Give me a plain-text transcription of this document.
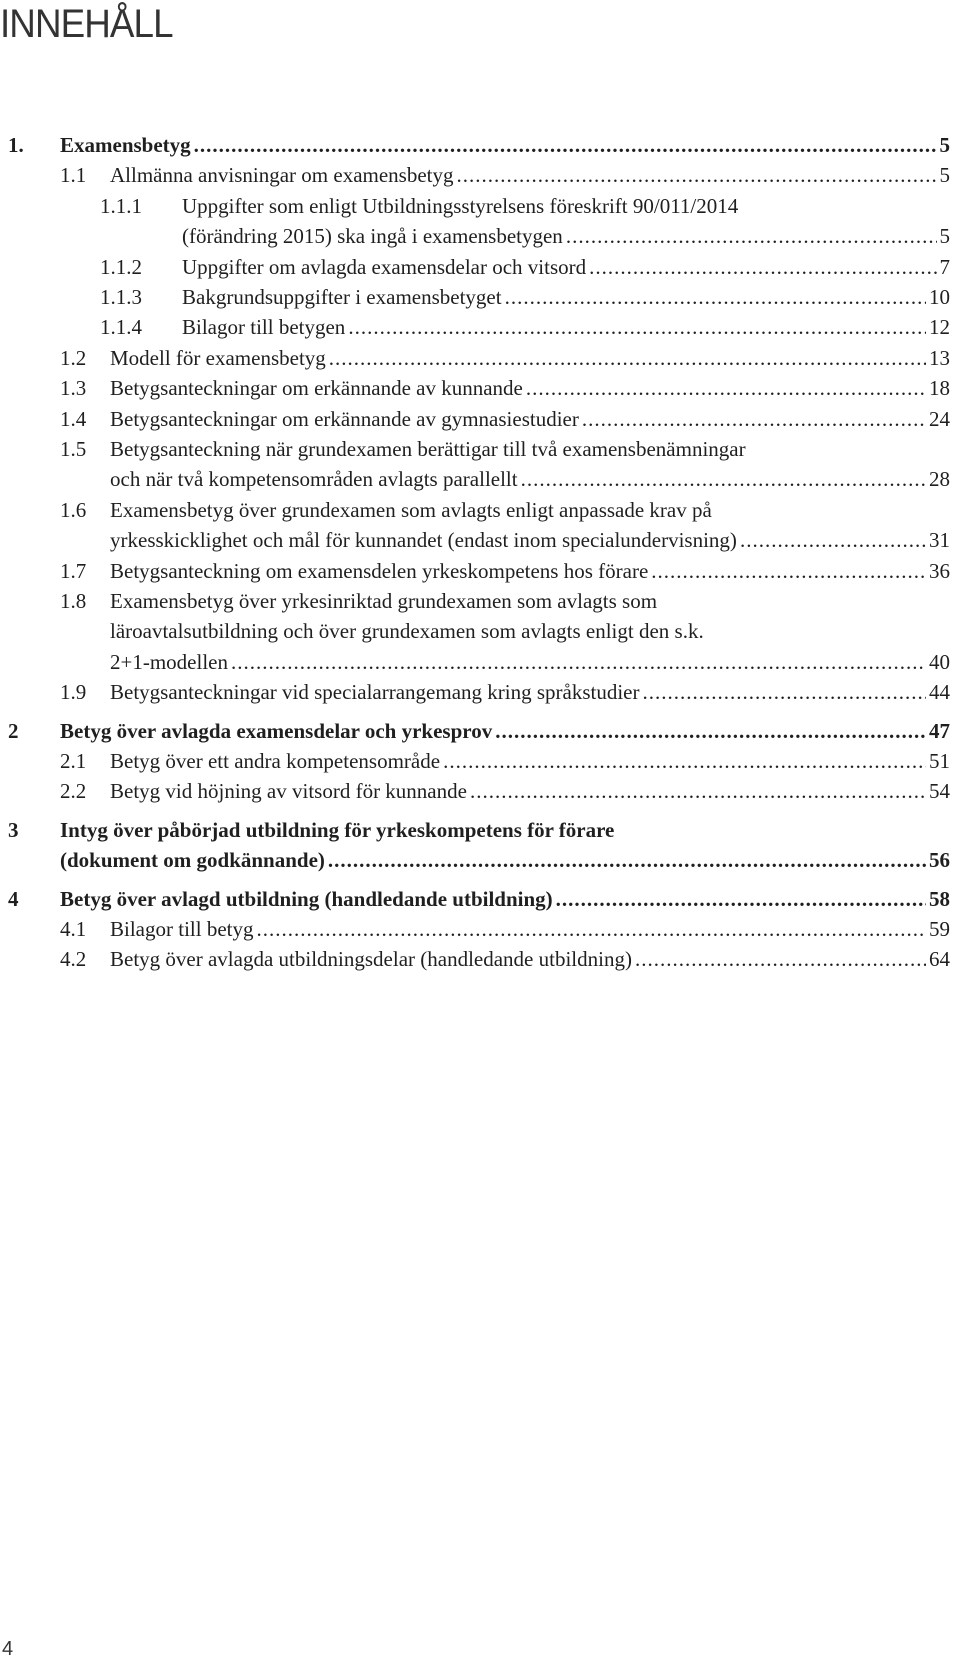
INNEHÅLL
1. Examensbetyg .....	5
1.1 Allmänna anvisningar om examensbetyg .....	5
1.1.1 Uppgifter som enligt Utbildningsstyrelsens föreskrift 90/011/2014
(förändring 2015) ska ingå i examensbetygen .....	5
1.1.2 Uppgifter om avlagda examensdelar och vitsord .....	7
1.1.3 Bakgrundsuppgifter i examensbetyget .....	10
1.1.4 Bilagor till betygen .....	12
1.2 Modell för examensbetyg .....	13
1.3 Betygsanteckningar om erkännande av kunnande .....	18
1.4 Betygsanteckningar om erkännande av gymnasiestudier .....	24
1.5 Betygsanteckning när grundexamen berättigar till två examensbenämningar
och när två kompetensområden avlagts parallellt .....	28
1.6 Examensbetyg över grundexamen som avlagts enligt anpassade krav på
yrkesskicklighet och mål för kunnandet (endast inom specialundervisning) .....	31
1.7 Betygsanteckning om examensdelen yrkeskompetens hos förare .....	36
1.8 Examensbetyg över yrkesinriktad grundexamen som avlagts som
läroavtalsutbildning och över grundexamen som avlagts enligt den s.k.
2+1-modellen .....	40
1.9 Betygsanteckningar vid specialarrangemang kring språkstudier .....	44
2 Betyg över avlagda examensdelar och yrkesprov .....	47
2.1 Betyg över ett andra kompetensområde .....	51
2.2 Betyg vid höjning av vitsord för kunnande .....	54
3 Intyg över påbörjad utbildning för yrkeskompetens för förare
(dokument om godkännande) .....	56
4 Betyg över avlagd utbildning (handledande utbildning) .....	58
4.1 Bilagor till betyg .....	59
4.2 Betyg över avlagda utbildningsdelar (handledande utbildning) .....	64
4
